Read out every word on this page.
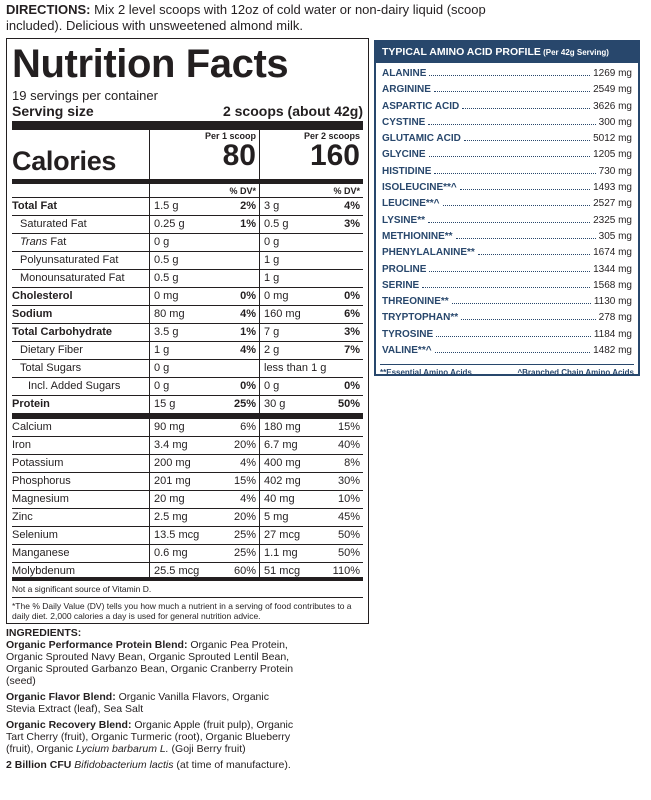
DIRECTIONS: Mix 2 level scoops with 12oz of cold water or non-dairy liquid (scoop included). Delicious with unsweetened almond milk.
Nutrition Facts
19 servings per container
Serving size	2 scoops (about 42g)
Calories
Per 1 scoop
80
Per 2 scoops
160
% DV*	% DV*
Total Fat	1.5 g	2% 3 g	4%
Saturated Fat	0.25 g	1% 0.5 g	3%
Trans Fat	0 g	0 g
Polyunsaturated Fat	0.5 g	1 g
Monounsaturated Fat	0.5 g	1 g
Cholesterol	0 mg	0% 0 mg	0%
Sodium	80 mg	4% 160 mg	6%
Total Carbohydrate	3.5 g	1% 7 g	3%
Dietary Fiber	1 g	4% 2 g	7%
Total Sugars	0 g	less than 1 g
Incl. Added Sugars	0 g	0% 0 g	0%
Protein	15 g	25% 30 g	50%
Calcium	90 mg	6% 180 mg	15%
Iron	3.4 mg	20% 6.7 mg	40%
Potassium	200 mg	4% 400 mg	8%
Phosphorus	201 mg	15% 402 mg	30%
Magnesium	20 mg	4% 40 mg	10%
Zinc	2.5 mg	20% 5 mg	45%
Selenium	13.5 mcg	25% 27 mcg	50%
Manganese	0.6 mg	25% 1.1 mg	50%
Molybdenum	25.5 mcg	60% 51 mcg	110%
Not a significant source of Vitamin D.
*The % Daily Value (DV) tells you how much a nutrient in a serving of food contributes to a daily diet. 2,000 calories a day is used for general nutrition advice.
TYPICAL AMINO ACID PROFILE (Per 42g Serving)
ALANINE	1269 mg
ARGININE	2549 mg
ASPARTIC ACID	3626 mg
CYSTINE	300 mg
GLUTAMIC ACID	5012 mg
GLYCINE	1205 mg
HISTIDINE	730 mg
ISOLEUCINE**^	1493 mg
LEUCINE**^	2527 mg
LYSINE**	2325 mg
METHIONINE**	305 mg
PHENYLALANINE**	1674 mg
PROLINE	1344 mg
SERINE	1568 mg
THREONINE**	1130 mg
TRYPTOPHAN**	278 mg
TYROSINE	1184 mg
VALINE**^	1482 mg
**Essential Amino Acids	^Branched Chain Amino Acids
INGREDIENTS:

Organic Performance Protein Blend: Organic Pea Protein, Organic Sprouted Navy Bean, Organic Sprouted Lentil Bean, Organic Sprouted Garbanzo Bean, Organic Cranberry Protein (seed)

Organic Flavor Blend: Organic Vanilla Flavors, Organic Stevia Extract (leaf), Sea Salt

Organic Recovery Blend: Organic Apple (fruit pulp), Organic Tart Cherry (fruit), Organic Turmeric (root), Organic Blueberry (fruit), Organic Lycium barbarum L. (Goji Berry fruit)

2 Billion CFU Bifidobacterium lactis (at time of manufacture).
